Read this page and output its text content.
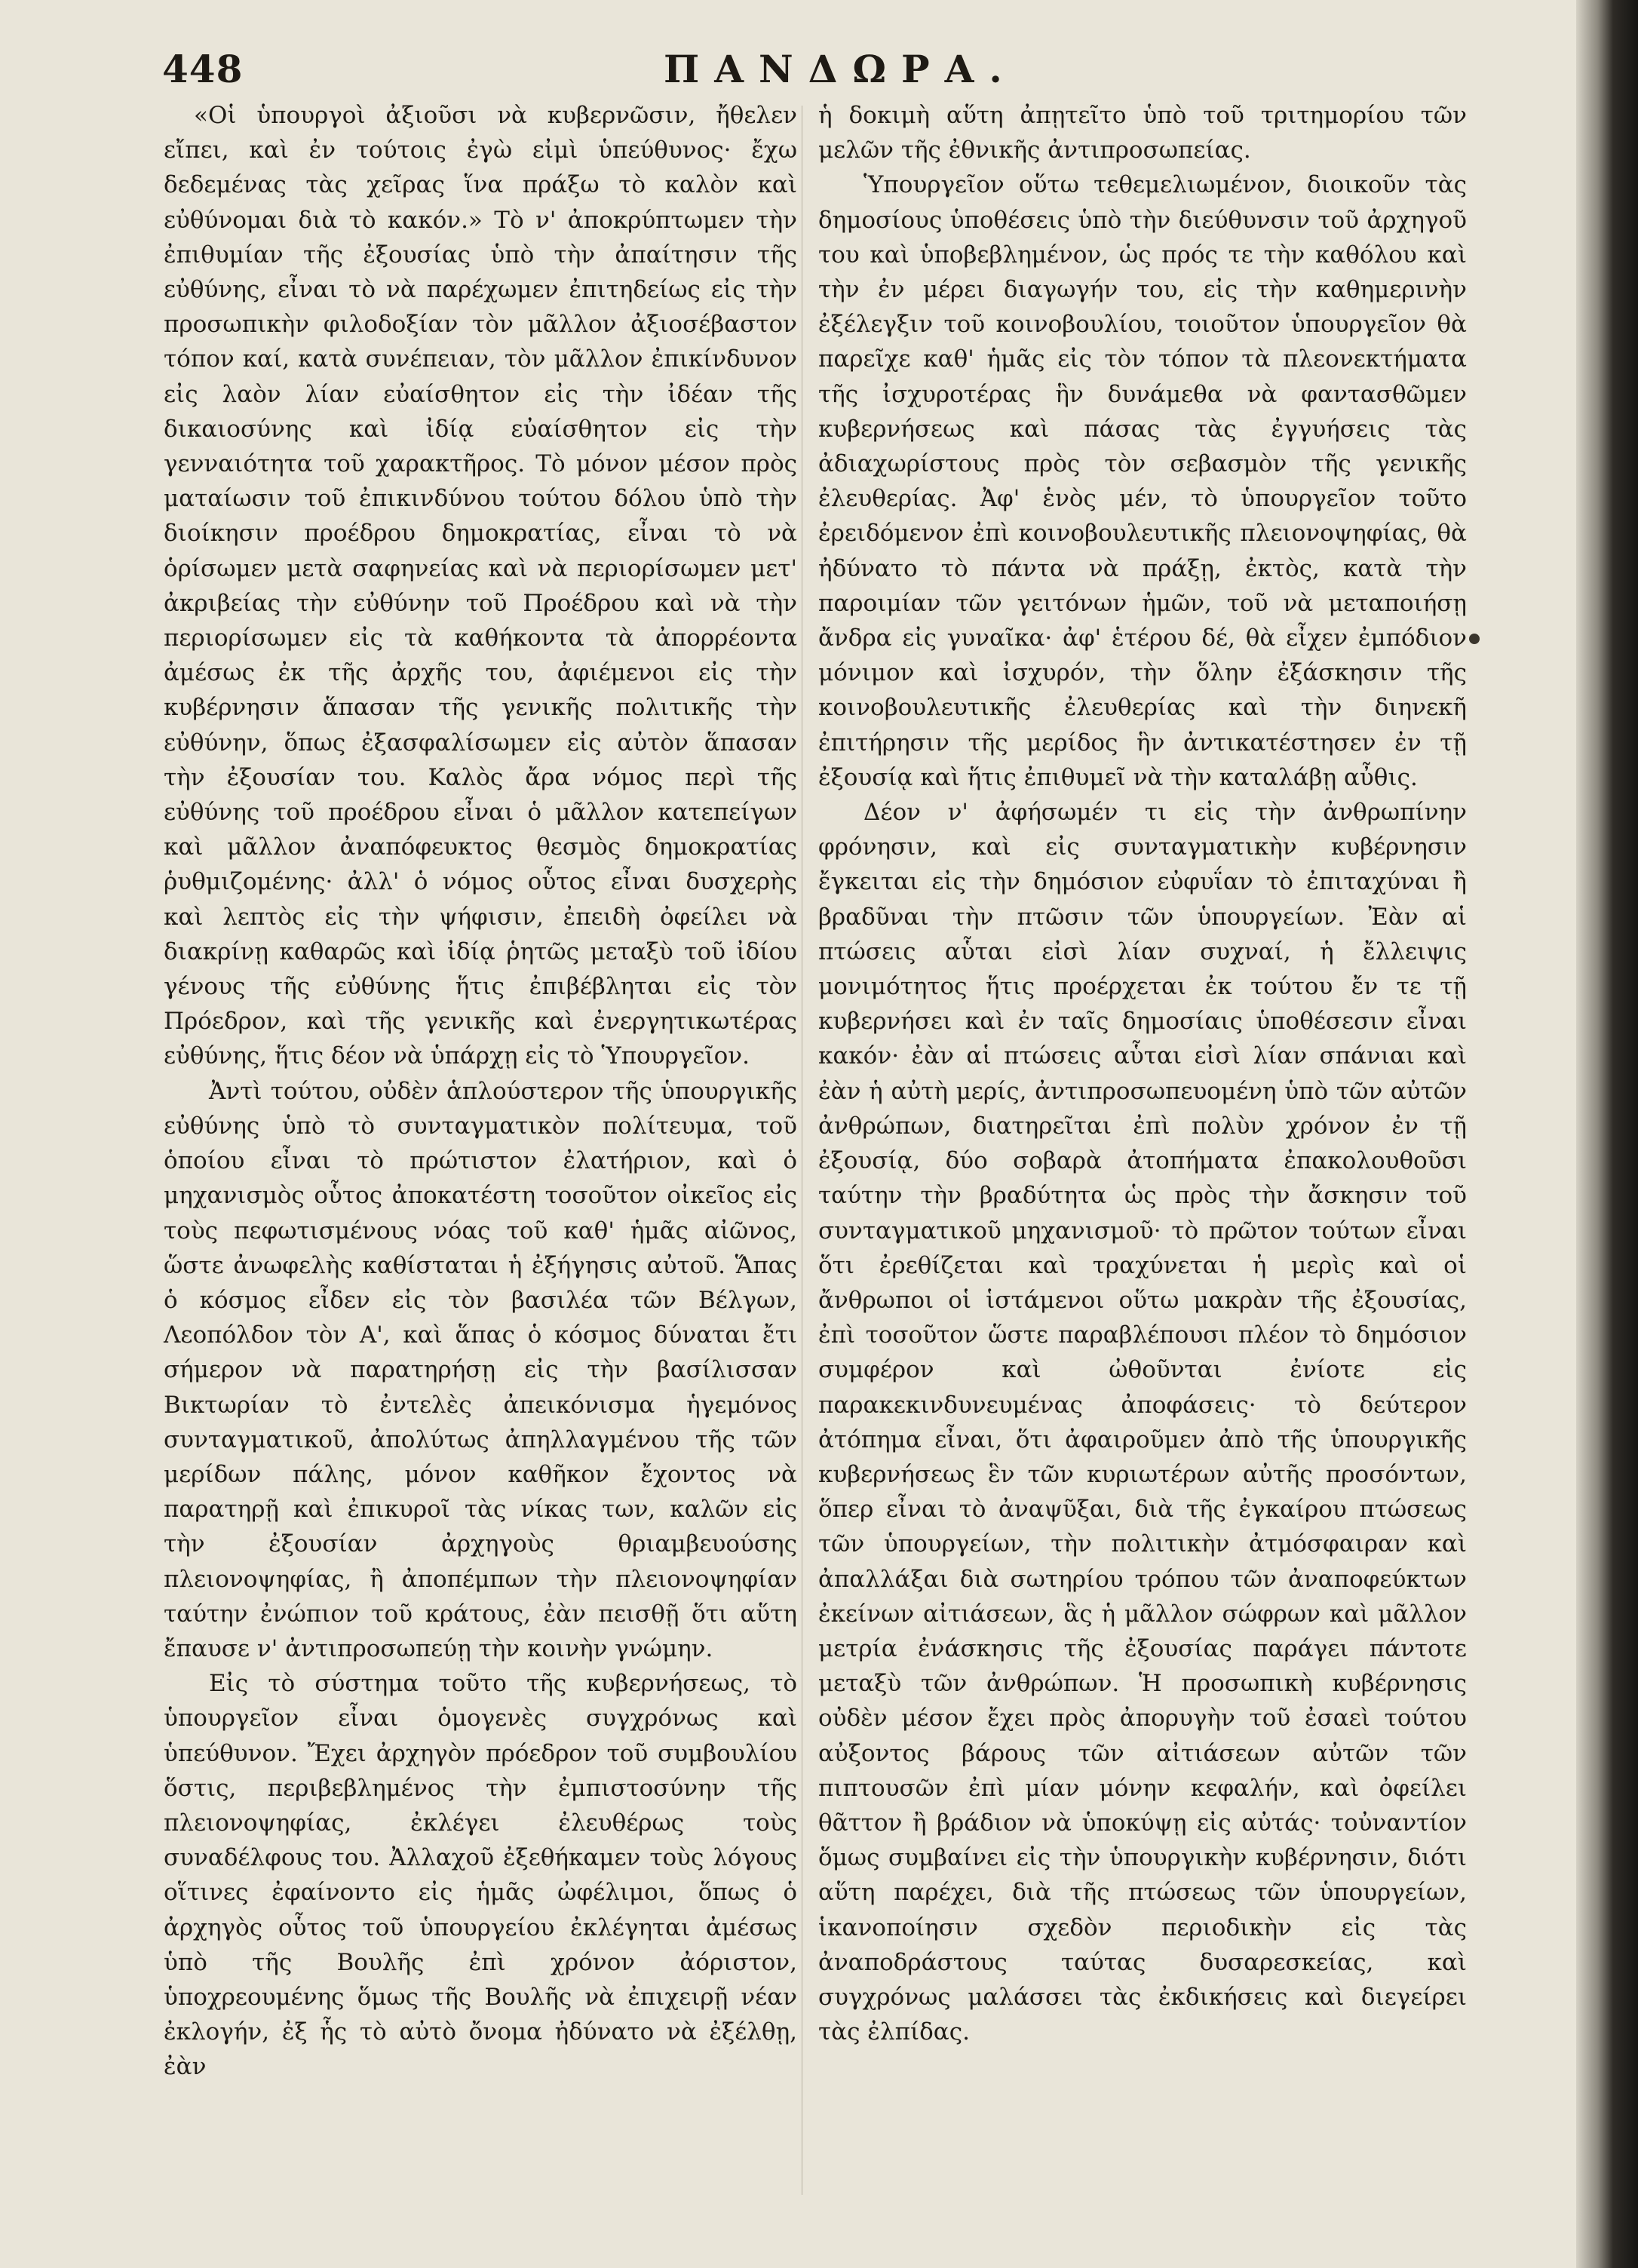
448	ΠΑΝΔΩΡΑ.

«Οἱ ὑπουργοὶ ἀξιοῦσι νὰ κυβερνῶσιν, ἤθελεν εἴπει, καὶ ἐν τούτοις ἐγὼ εἰμὶ ὑπεύθυνος· ἔχω δεδεμένας τὰς χεῖρας ἵνα πράξω τὸ καλὸν καὶ εὐθύνομαι διὰ τὸ κακόν.» Τὸ ν' ἀποκρύπτωμεν τὴν ἐπιθυμίαν τῆς ἐξουσίας ὑπὸ τὴν ἀπαίτησιν τῆς εὐθύνης, εἶναι τὸ νὰ παρέχωμεν ἐπιτηδείως εἰς τὴν προσωπικὴν φιλοδοξίαν τὸν μᾶλλον ἀξιοσέβαστον τόπον καί, κατὰ συνέπειαν, τὸν μᾶλλον ἐπικίνδυνον εἰς λαὸν λίαν εὐαίσθητον εἰς τὴν ἰδέαν τῆς δικαιοσύνης καὶ ἰδίᾳ εὐαίσθητον εἰς τὴν γενναιότητα τοῦ χαρακτῆρος. Τὸ μόνον μέσον πρὸς ματαίωσιν τοῦ ἐπικινδύνου τούτου δόλου ὑπὸ τὴν διοίκησιν προέδρου δημοκρατίας, εἶναι τὸ νὰ ὁρίσωμεν μετὰ σαφηνείας καὶ νὰ περιορίσωμεν μετ' ἀκριβείας τὴν εὐθύνην τοῦ Προέδρου καὶ νὰ τὴν περιορίσωμεν εἰς τὰ καθήκοντα τὰ ἀπορρέοντα ἀμέσως ἐκ τῆς ἀρχῆς του, ἀφιέμενοι εἰς τὴν κυβέρνησιν ἅπασαν τῆς γενικῆς πολιτικῆς τὴν εὐθύνην, ὅπως ἐξασφαλίσωμεν εἰς αὐτὸν ἅπασαν τὴν ἐξουσίαν του. Καλὸς ἄρα νόμος περὶ τῆς εὐθύνης τοῦ προέδρου εἶναι ὁ μᾶλλον κατεπείγων καὶ μᾶλλον ἀναπόφευκτος θεσμὸς δημοκρατίας ῥυθμιζομένης· ἀλλ' ὁ νόμος οὗτος εἶναι δυσχερὴς καὶ λεπτὸς εἰς τὴν ψήφισιν, ἐπειδὴ ὀφείλει νὰ διακρίνῃ καθαρῶς καὶ ἰδίᾳ ῥητῶς μεταξὺ τοῦ ἰδίου γένους τῆς εὐθύνης ἥτις ἐπιβέβληται εἰς τὸν Πρόεδρον, καὶ τῆς γενικῆς καὶ ἐνεργητικωτέρας εὐθύνης, ἥτις δέον νὰ ὑπάρχῃ εἰς τὸ Ὑπουργεῖον.

Ἀντὶ τούτου, οὐδὲν ἁπλούστερον τῆς ὑπουργικῆς εὐθύνης ὑπὸ τὸ συνταγματικὸν πολίτευμα, τοῦ ὁποίου εἶναι τὸ πρώτιστον ἐλατήριον, καὶ ὁ μηχανισμὸς οὗτος ἀποκατέστη τοσοῦτον οἰκεῖος εἰς τοὺς πεφωτισμένους νόας τοῦ καθ' ἡμᾶς αἰῶνος, ὥστε ἀνωφελὴς καθίσταται ἡ ἐξήγησις αὐτοῦ. Ἅπας ὁ κόσμος εἶδεν εἰς τὸν βασιλέα τῶν Βέλγων, Λεοπόλδον τὸν Α', καὶ ἅπας ὁ κόσμος δύναται ἔτι σήμερον νὰ παρατηρήσῃ εἰς τὴν βασίλισσαν Βικτωρίαν τὸ ἐντελὲς ἀπεικόνισμα ἡγεμόνος συνταγματικοῦ, ἀπολύτως ἀπηλλαγμένου τῆς τῶν μερίδων πάλης, μόνον καθῆκον ἔχοντος νὰ παρατηρῇ καὶ ἐπικυροῖ τὰς νίκας των, καλῶν εἰς τὴν ἐξουσίαν ἀρχηγοὺς θριαμβευούσης πλειονοψηφίας, ἢ ἀποπέμπων τὴν πλειονοψηφίαν ταύτην ἐνώπιον τοῦ κράτους, ἐὰν πεισθῇ ὅτι αὕτη ἔπαυσε ν' ἀντιπροσωπεύῃ τὴν κοινὴν γνώμην.

Εἰς τὸ σύστημα τοῦτο τῆς κυβερνήσεως, τὸ ὑπουργεῖον εἶναι ὁμογενὲς συγχρόνως καὶ ὑπεύθυνον. Ἔχει ἀρχηγὸν πρόεδρον τοῦ συμβουλίου ὅστις, περιβεβλημένος τὴν ἐμπιστοσύνην τῆς πλειονοψηφίας, ἐκλέγει ἐλευθέρως τοὺς συναδέλφους του. Ἀλλαχοῦ ἐξεθήκαμεν τοὺς λόγους οἵτινες ἐφαίνοντο εἰς ἡμᾶς ὠφέλιμοι, ὅπως ὁ ἀρχηγὸς οὗτος τοῦ ὑπουργείου ἐκλέγηται ἀμέσως ὑπὸ τῆς Βουλῆς ἐπὶ χρόνον ἀόριστον, ὑποχρεουμένης ὅμως τῆς Βουλῆς νὰ ἐπιχειρῇ νέαν ἐκλογήν, ἐξ ἧς τὸ αὐτὸ ὄνομα ἠδύνατο νὰ ἐξέλθῃ, ἐὰν

ἡ δοκιμὴ αὕτη ἀπῃτεῖτο ὑπὸ τοῦ τριτημορίου τῶν μελῶν τῆς ἐθνικῆς ἀντιπροσωπείας.

Ὑπουργεῖον οὕτω τεθεμελιωμένον, διοικοῦν τὰς δημοσίους ὑποθέσεις ὑπὸ τὴν διεύθυνσιν τοῦ ἀρχηγοῦ του καὶ ὑποβεβλημένον, ὡς πρός τε τὴν καθόλου καὶ τὴν ἐν μέρει διαγωγήν του, εἰς τὴν καθημερινὴν ἐξέλεγξιν τοῦ κοινοβουλίου, τοιοῦτον ὑπουργεῖον θὰ παρεῖχε καθ' ἡμᾶς εἰς τὸν τόπον τὰ πλεονεκτήματα τῆς ἰσχυροτέρας ἣν δυνάμεθα νὰ φαντασθῶμεν κυβερνήσεως καὶ πάσας τὰς ἐγγυήσεις τὰς ἀδιαχωρίστους πρὸς τὸν σεβασμὸν τῆς γενικῆς ἐλευθερίας. Ἀφ' ἑνὸς μέν, τὸ ὑπουργεῖον τοῦτο ἐρειδόμενον ἐπὶ κοινοβουλευτικῆς πλειονοψηφίας, θὰ ἠδύνατο τὸ πάντα νὰ πράξῃ, ἐκτὸς, κατὰ τὴν παροιμίαν τῶν γειτόνων ἡμῶν, τοῦ νὰ μεταποιήσῃ ἄνδρα εἰς γυναῖκα· ἀφ' ἑτέρου δέ, θὰ εἶχεν ἐμπόδιον μόνιμον καὶ ἰσχυρόν, τὴν ὅλην ἐξάσκησιν τῆς κοινοβουλευτικῆς ἐλευθερίας καὶ τὴν διηνεκῆ ἐπιτήρησιν τῆς μερίδος ἣν ἀντικατέστησεν ἐν τῇ ἐξουσίᾳ καὶ ἥτις ἐπιθυμεῖ νὰ τὴν καταλάβῃ αὖθις.

Δέον ν' ἀφήσωμέν τι εἰς τὴν ἀνθρωπίνην φρόνησιν, καὶ εἰς συνταγματικὴν κυβέρνησιν ἔγκειται εἰς τὴν δημόσιον εὐφυΐαν τὸ ἐπιταχύναι ἢ βραδῦναι τὴν πτῶσιν τῶν ὑπουργείων. Ἐὰν αἱ πτώσεις αὗται εἰσὶ λίαν συχναί, ἡ ἔλλειψις μονιμότητος ἥτις προέρχεται ἐκ τούτου ἔν τε τῇ κυβερνήσει καὶ ἐν ταῖς δημοσίαις ὑποθέσεσιν εἶναι κακόν· ἐὰν αἱ πτώσεις αὗται εἰσὶ λίαν σπάνιαι καὶ ἐὰν ἡ αὐτὴ μερίς, ἀντιπροσωπευομένη ὑπὸ τῶν αὐτῶν ἀνθρώπων, διατηρεῖται ἐπὶ πολὺν χρόνον ἐν τῇ ἐξουσίᾳ, δύο σοβαρὰ ἀτοπήματα ἐπακολουθοῦσι ταύτην τὴν βραδύτητα ὡς πρὸς τὴν ἄσκησιν τοῦ συνταγματικοῦ μηχανισμοῦ· τὸ πρῶτον τούτων εἶναι ὅτι ἐρεθίζεται καὶ τραχύνεται ἡ μερὶς καὶ οἱ ἄνθρωποι οἱ ἱστάμενοι οὕτω μακρὰν τῆς ἐξουσίας, ἐπὶ τοσοῦτον ὥστε παραβλέπουσι πλέον τὸ δημόσιον συμφέρον καὶ ὠθοῦνται ἐνίοτε εἰς παρακεκινδυνευμένας ἀποφάσεις· τὸ δεύτερον ἀτόπημα εἶναι, ὅτι ἀφαιροῦμεν ἀπὸ τῆς ὑπουργικῆς κυβερνήσεως ἓν τῶν κυριωτέρων αὐτῆς προσόντων, ὅπερ εἶναι τὸ ἀναψῦξαι, διὰ τῆς ἐγκαίρου πτώσεως τῶν ὑπουργείων, τὴν πολιτικὴν ἀτμόσφαιραν καὶ ἀπαλλάξαι διὰ σωτηρίου τρόπου τῶν ἀναποφεύκτων ἐκείνων αἰτιάσεων, ἃς ἡ μᾶλλον σώφρων καὶ μᾶλλον μετρία ἐνάσκησις τῆς ἐξουσίας παράγει πάντοτε μεταξὺ τῶν ἀνθρώπων. Ἡ προσωπικὴ κυβέρνησις οὐδὲν μέσον ἔχει πρὸς ἀπορυγὴν τοῦ ἐσαεὶ τούτου αὐξοντος βάρους τῶν αἰτιάσεων αὐτῶν τῶν πιπτουσῶν ἐπὶ μίαν μόνην κεφαλήν, καὶ ὀφείλει θᾶττον ἢ βράδιον νὰ ὑποκύψῃ εἰς αὐτάς· τοὐναντίον ὅμως συμβαίνει εἰς τὴν ὑπουργικὴν κυβέρνησιν, διότι αὕτη παρέχει, διὰ τῆς πτώσεως τῶν ὑπουργείων, ἱκανοποίησιν σχεδὸν περιοδικὴν εἰς τὰς ἀναποδράστους ταύτας δυσαρεσκείας, καὶ συγχρόνως μαλάσσει τὰς ἐκδικήσεις καὶ διεγείρει τὰς ἐλπίδας.
